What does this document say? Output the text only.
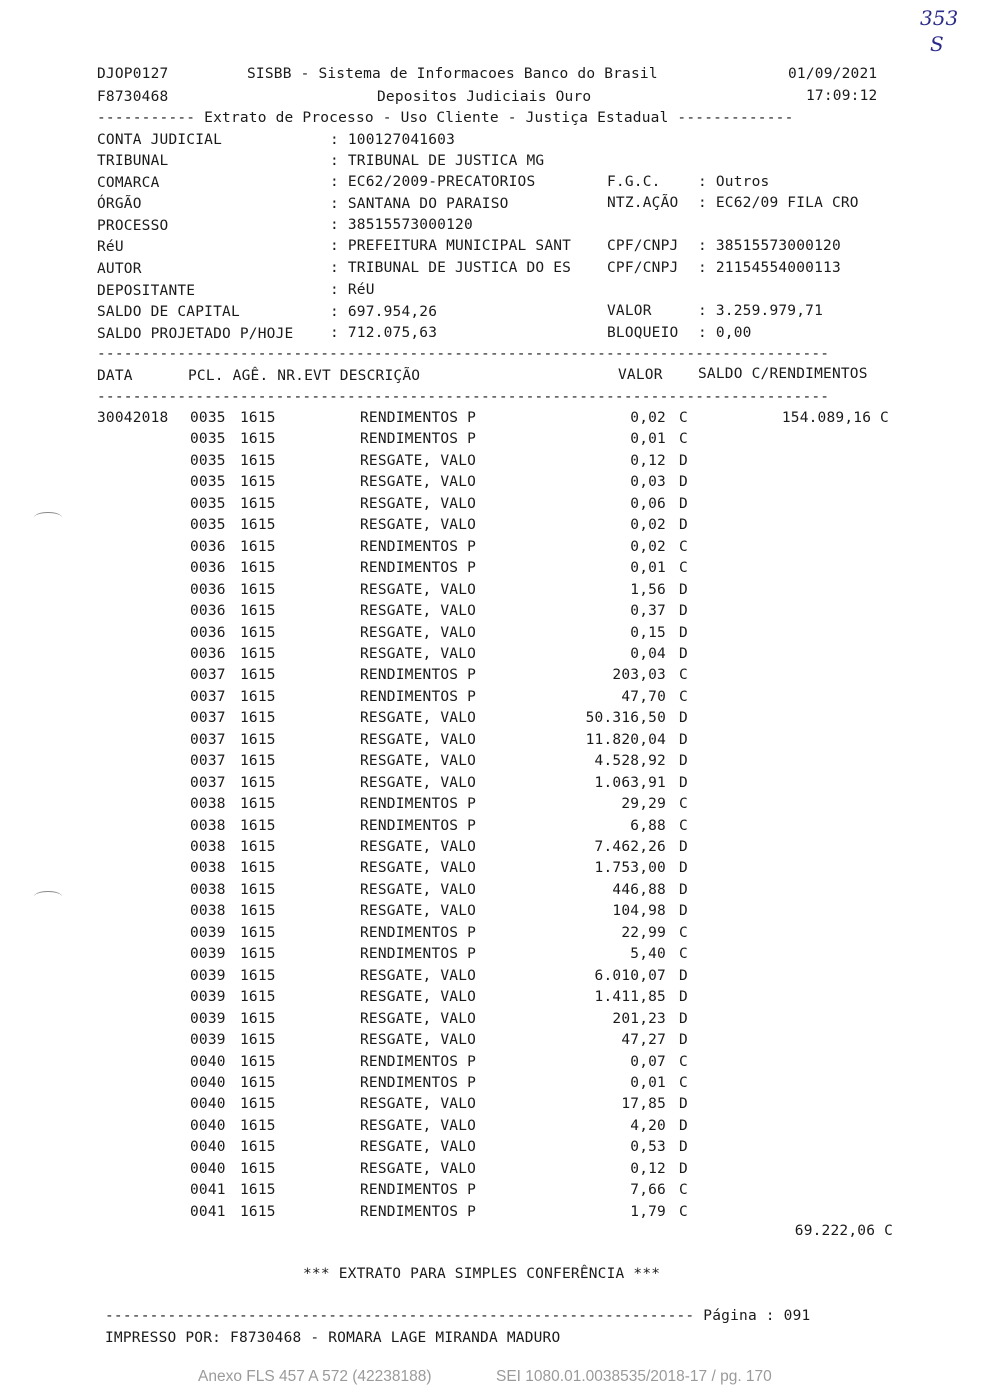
353
S
DJOP0127	SISBB - Sistema de Informacoes Banco do Brasil	01/09/2021
F8730468	Depositos Judiciais Ouro	17:09:12
----------- Extrato de Processo - Uso Cliente - Justiça Estadual -------------
CONTA JUDICIAL	: 100127041603
TRIBUNAL	: TRIBUNAL DE JUSTICA MG
COMARCA	: EC62/2009-PRECATORIOS	F.G.C.	: Outros
ÓRGÃO	: SANTANA DO PARAISO	NTZ.AÇÃO : EC62/09 FILA CRO
PROCESSO	: 38515573000120
RéU	: PREFEITURA MUNICIPAL SANT CPF/CNPJ : 38515573000120
AUTOR	: TRIBUNAL DE JUSTICA DO ES CPF/CNPJ : 21154554000113
DEPOSITANTE	: RéU
SALDO DE CAPITAL	: 697.954,26	VALOR	: 3.259.979,71
SALDO PROJETADO P/HOJE	: 712.075,63	BLOQUEIO : 0,00
----------------------------------------------------------------------------------
DATA	PCL. AGÊ. NR.EVT DESCRIÇÃO	VALOR SALDO C/RENDIMENTOS
----------------------------------------------------------------------------------
30042018 0035 1615	RENDIMENTOS P	0,02 C	154.089,16 C
0035 1615	RENDIMENTOS P	0,01 C
0035 1615	RESGATE, VALO	0,12 D
0035 1615	RESGATE, VALO	0,03 D
0035 1615	RESGATE, VALO	0,06 D
0035 1615	RESGATE, VALO	0,02 D
0036 1615	RENDIMENTOS P	0,02 C
0036 1615	RENDIMENTOS P	0,01 C
0036 1615	RESGATE, VALO	1,56 D
0036 1615	RESGATE, VALO	0,37 D
0036 1615	RESGATE, VALO	0,15 D
0036 1615	RESGATE, VALO	0,04 D
0037 1615	RENDIMENTOS P	203,03 C
0037 1615	RENDIMENTOS P	47,70 C
0037 1615	RESGATE, VALO	50.316,50 D
0037 1615	RESGATE, VALO	11.820,04 D
0037 1615	RESGATE, VALO	4.528,92 D
0037 1615	RESGATE, VALO	1.063,91 D
0038 1615	RENDIMENTOS P	29,29 C
0038 1615	RENDIMENTOS P	6,88 C
0038 1615	RESGATE, VALO	7.462,26 D
0038 1615	RESGATE, VALO	1.753,00 D
0038 1615	RESGATE, VALO	446,88 D
0038 1615	RESGATE, VALO	104,98 D
0039 1615	RENDIMENTOS P	22,99 C
0039 1615	RENDIMENTOS P	5,40 C
0039 1615	RESGATE, VALO	6.010,07 D
0039 1615	RESGATE, VALO	1.411,85 D
0039 1615	RESGATE, VALO	201,23 D
0039 1615	RESGATE, VALO	47,27 D
0040 1615	RENDIMENTOS P	0,07 C
0040 1615	RENDIMENTOS P	0,01 C
0040 1615	RESGATE, VALO	17,85 D
0040 1615	RESGATE, VALO	4,20 D
0040 1615	RESGATE, VALO	0,53 D
0040 1615	RESGATE, VALO	0,12 D
0041 1615	RENDIMENTOS P	7,66 C
0041 1615	RENDIMENTOS P	1,79 C
69.222,06 C
*** EXTRATO PARA SIMPLES CONFERÊNCIA ***
------------------------------------------------------------------ Página : 091
IMPRESSO POR: F8730468 - ROMARA LAGE MIRANDA MADURO
Anexo FLS 457 A 572 (42238188)	SEI 1080.01.0038535/2018-17 / pg. 170
